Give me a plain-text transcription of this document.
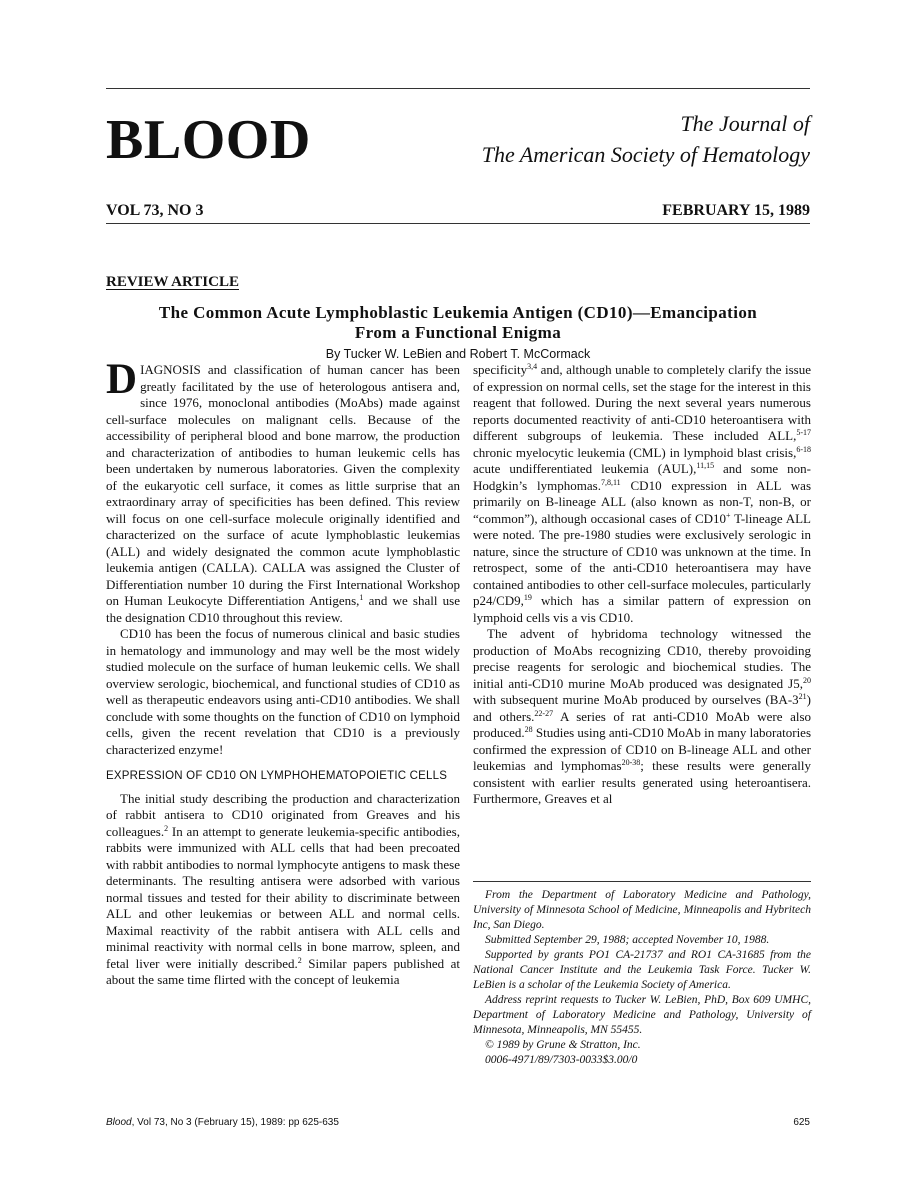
BLOOD	The Journal of
The American Society of Hematology
VOL 73, NO 3	FEBRUARY 15, 1989
REVIEW ARTICLE
The Common Acute Lymphoblastic Leukemia Antigen (CD10)—Emancipation
From a Functional Enigma
By Tucker W. LeBien and Robert T. McCormack

DIAGNOSIS and classification of human cancer has been greatly facilitated by the use of heterologous antisera and, since 1976, monoclonal antibodies (MoAbs) made against cell-surface molecules on malignant cells. Because of the accessibility of peripheral blood and bone marrow, the production and characterization of antibodies to human leukemic cells has been undertaken by numerous laboratories. Given the complexity of the eukaryotic cell surface, it comes as little surprise that an extraordinary array of specificities has been defined. This review will focus on one cell-surface molecule originally identified and characterized on the surface of acute lymphoblastic leukemias (ALL) and widely designated the common acute lymphoblastic leukemia antigen (CALLA). CALLA was assigned the Cluster of Differentiation number 10 during the First International Workshop on Human Leukocyte Differentiation Antigens,$^1$ and we shall use the designation CD10 throughout this review.

CD10 has been the focus of numerous clinical and basic studies in hematology and immunology and may well be the most widely studied molecule on the surface of human leukemic cells. We shall overview serologic, biochemical, and functional studies of CD10 as well as therapeutic endeavors using anti-CD10 antibodies. We shall conclude with some thoughts on the function of CD10 on lymphoid cells, given the recent revelation that CD10 is a previously characterized enzyme!

EXPRESSION OF CD10 ON LYMPHOHEMATOPOIETIC CELLS

The initial study describing the production and characterization of rabbit antisera to CD10 originated from Greaves and his colleagues.$^2$ In an attempt to generate leukemia-specific antibodies, rabbits were immunized with ALL cells that had been precoated with rabbit antibodies to normal lymphocyte antigens to mask these determinants. The resulting antisera were adsorbed with various normal tissues and tested for their ability to discriminate between ALL and other leukemias or between ALL and normal cells. Maximal reactivity of the rabbit antisera with ALL cells and minimal reactivity with normal cells in bone marrow, spleen, and fetal liver were initially described.$^2$ Similar papers published at about the same time flirted with the concept of leukemia

specificity$^{3,4}$ and, although unable to completely clarify the issue of expression on normal cells, set the stage for the interest in this reagent that followed. During the next several years numerous reports documented reactivity of anti-CD10 heteroantisera with different subgroups of leukemia. These included ALL,$^{5-17}$ chronic myelocytic leukemia (CML) in lymphoid blast crisis,$^{6-18}$ acute undifferentiated leukemia (AUL),$^{11,15}$ and some non-Hodgkin’s lymphomas.$^{7,8,11}$ CD10 expression in ALL was primarily on B-lineage ALL (also known as non-T, non-B, or “common”), although occasional cases of CD10+ T-lineage ALL were noted. The pre-1980 studies were exclusively serologic in nature, since the structure of CD10 was unknown at the time. In retrospect, some of the anti-CD10 heteroantisera may have contained antibodies to other cell-surface molecules, particularly p24/CD9,19 which has a similar pattern of expression on lymphoid cells vis a vis CD10.

The advent of hybridoma technology witnessed the production of MoAbs recognizing CD10, thereby provoiding precise reagents for serologic and biochemical studies. The initial anti-CD10 murine MoAb produced was designated J5,20 with subsequent murine MoAb produced by ourselves $(BA-3^{21})$ and others.$^{22-27}$ A series of rat anti-CD10 MoAb were also produced.$^{28}$ Studies using anti-CD10 MoAb in many laboratories confirmed the expression of CD10 on B-lineage ALL and other leukemias and lymphomas$^{20-38}$; these results were generally consistent with earlier results generated using heteroantisera. Furthermore, Greaves et al

From the Department of Laboratory Medicine and Pathology, University of Minnesota School of Medicine, Minneapolis and Hybritech Inc, San Diego.

Submitted September 29, 1988; accepted November 10, 1988.

Supported by grants PO1 CA-21737 and RO1 CA-31685 from the National Cancer Institute and the Leukemia Task Force. Tucker W. LeBien is a scholar of the Leukemia Society of America.

Address reprint requests to Tucker W. LeBien, PhD, Box 609 UMHC, Department of Laboratory Medicine and Pathology, University of Minnesota, Minneapolis, MN 55455.

© 1989 by Grune & Stratton, Inc.

0006-4971/89/7303-0033$3.00/0

Blood, Vol 73, No 3 (February 15), 1989: pp 625-635	625
